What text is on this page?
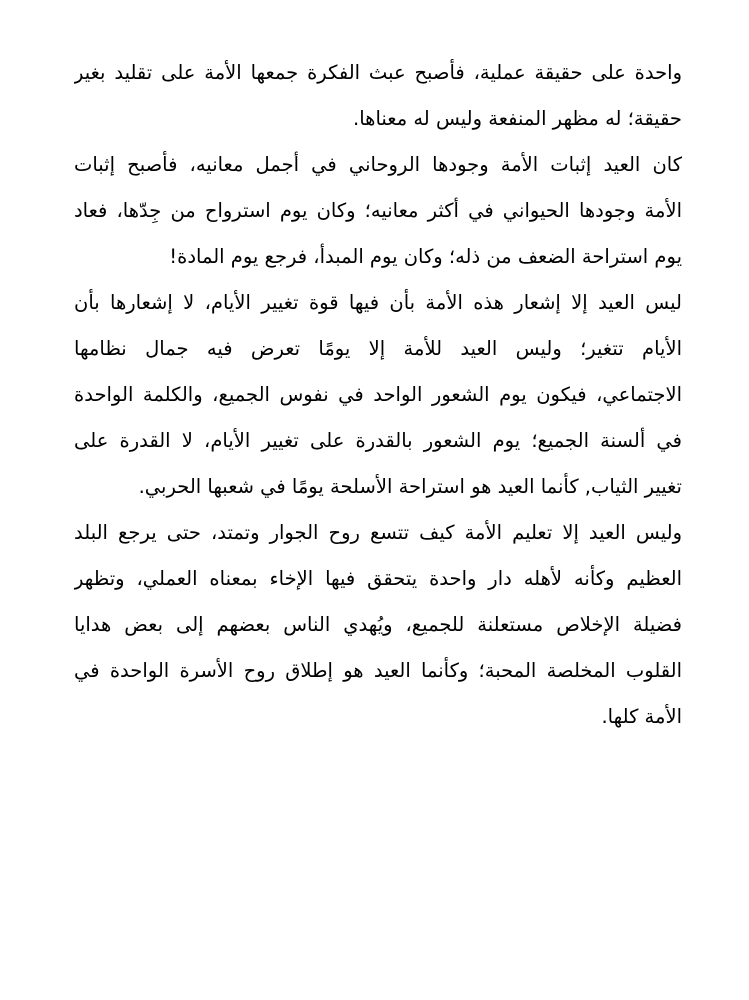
واحدة على حقيقة عملية، فأصبح عبث الفكرة جمعها الأمة على تقليد بغير
حقيقة؛ له مظهر المنفعة وليس له معناها.
كان العيد إثبات الأمة وجودها الروحاني في أجمل معانيه، فأصبح إثبات
الأمة وجودها الحيواني في أكثر معانيه؛ وكان يوم استرواح من جِدّها، فعاد
يوم استراحة الضعف من ذله؛ وكان يوم المبدأ، فرجع يوم المادة!
ليس العيد إلا إشعار هذه الأمة بأن فيها قوة تغيير الأيام، لا إشعارها بأن
الأيام تتغير؛ وليس العيد للأمة إلا يومًا تعرض فيه جمال نظامها
الاجتماعي، فيكون يوم الشعور الواحد في نفوس الجميع، والكلمة الواحدة
في ألسنة الجميع؛ يوم الشعور بالقدرة على تغيير الأيام، لا القدرة على
تغيير الثياب, كأنما العيد هو استراحة الأسلحة يومًا في شعبها الحربي.
وليس العيد إلا تعليم الأمة كيف تتسع روح الجوار وتمتد، حتى يرجع البلد
العظيم وكأنه لأهله دار واحدة يتحقق فيها الإخاء بمعناه العملي، وتظهر
فضيلة الإخلاص مستعلنة للجميع، ويُهدي الناس بعضهم إلى بعض هدايا
القلوب المخلصة المحبة؛ وكأنما العيد هو إطلاق روح الأسرة الواحدة في
الأمة كلها.
